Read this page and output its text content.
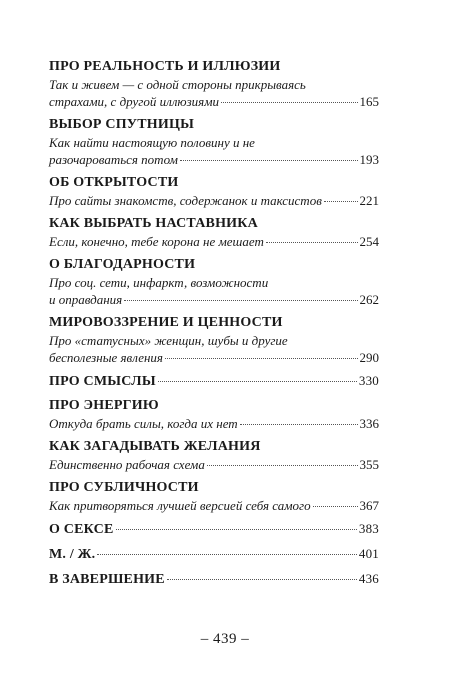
ПРО РЕАЛЬНОСТЬ И ИЛЛЮЗИИ
Так и живем — с одной стороны прикрываясь
страхами, с другой иллюзиями	165
ВЫБОР СПУТНИЦЫ
Как найти настоящую половину и не
разочароваться потом	193
ОБ ОТКРЫТОСТИ
Про сайты знакомств, содержанок и таксистов	221
КАК ВЫБРАТЬ НАСТАВНИКА
Если, конечно, тебе корона не мешает	254
О БЛАГОДАРНОСТИ
Про соц. сети, инфаркт, возможности
и оправдания	262
МИРОВОЗЗРЕНИЕ И ЦЕННОСТИ
Про «статусных» женщин, шубы и другие
бесполезные явления	290
ПРО СМЫСЛЫ	330
ПРО ЭНЕРГИЮ
Откуда брать силы, когда их нет	336
КАК ЗАГАДЫВАТЬ ЖЕЛАНИЯ
Единственно рабочая схема	355
ПРО СУБЛИЧНОСТИ
Как притворяться лучшей версией себя самого	367
О СЕКСЕ	383
М. / Ж.	401
В ЗАВЕРШЕНИЕ	436
– 439 –
